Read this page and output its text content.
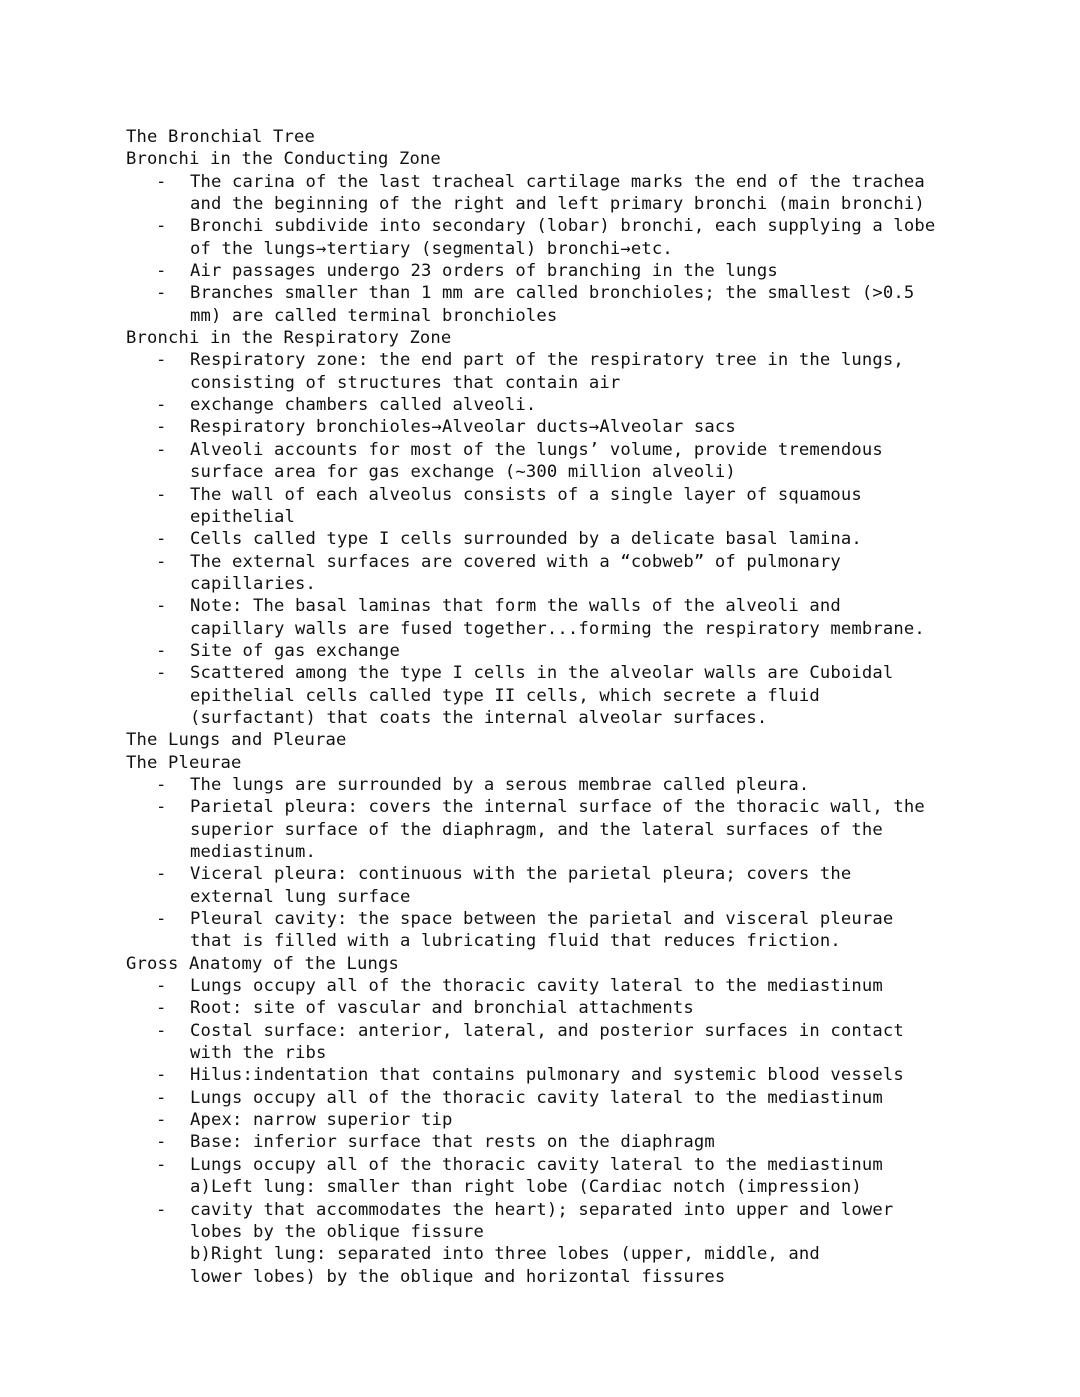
The Bronchial Tree
Bronchi in the Conducting Zone
- The carina of the last tracheal cartilage marks the end of the trachea
and the beginning of the right and left primary bronchi (main bronchi)
- Bronchi subdivide into secondary (lobar) bronchi, each supplying a lobe
of the lungs→tertiary (segmental) bronchi→etc.
- Air passages undergo 23 orders of branching in the lungs
- Branches smaller than 1 mm are called bronchioles; the smallest (>0.5
mm) are called terminal bronchioles
Bronchi in the Respiratory Zone
- Respiratory zone: the end part of the respiratory tree in the lungs,
consisting of structures that contain air
- exchange chambers called alveoli.
- Respiratory bronchioles→Alveolar ducts→Alveolar sacs
- Alveoli accounts for most of the lungs’ volume, provide tremendous
surface area for gas exchange (~300 million alveoli)
- The wall of each alveolus consists of a single layer of squamous
epithelial
- Cells called type I cells surrounded by a delicate basal lamina.
- The external surfaces are covered with a “cobweb” of pulmonary
capillaries.
- Note: The basal laminas that form the walls of the alveoli and
capillary walls are fused together...forming the respiratory membrane.
- Site of gas exchange
- Scattered among the type I cells in the alveolar walls are Cuboidal
epithelial cells called type II cells, which secrete a fluid
(surfactant) that coats the internal alveolar surfaces.
The Lungs and Pleurae
The Pleurae
- The lungs are surrounded by a serous membrae called pleura.
- Parietal pleura: covers the internal surface of the thoracic wall, the
superior surface of the diaphragm, and the lateral surfaces of the
mediastinum.
- Viceral pleura: continuous with the parietal pleura; covers the
external lung surface
- Pleural cavity: the space between the parietal and visceral pleurae
that is filled with a lubricating fluid that reduces friction.
Gross Anatomy of the Lungs
- Lungs occupy all of the thoracic cavity lateral to the mediastinum
- Root: site of vascular and bronchial attachments
- Costal surface: anterior, lateral, and posterior surfaces in contact
with the ribs
- Hilus:indentation that contains pulmonary and systemic blood vessels
- Lungs occupy all of the thoracic cavity lateral to the mediastinum
- Apex: narrow superior tip
- Base: inferior surface that rests on the diaphragm
- Lungs occupy all of the thoracic cavity lateral to the mediastinum
a)Left lung: smaller than right lobe (Cardiac notch (impression)
- cavity that accommodates the heart); separated into upper and lower
lobes by the oblique fissure
b)Right lung: separated into three lobes (upper, middle, and
lower lobes) by the oblique and horizontal fissures
